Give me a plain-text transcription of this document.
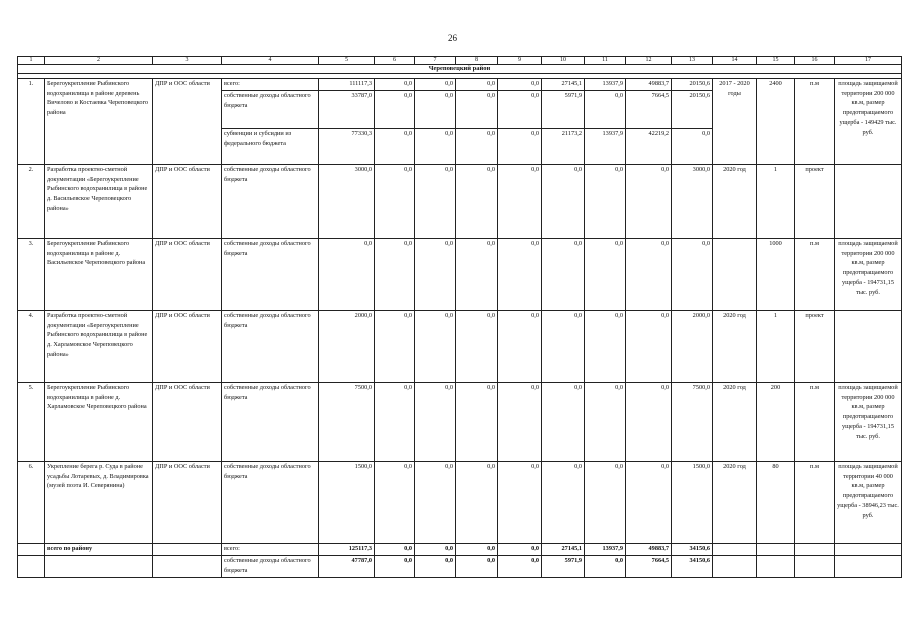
26
1	2	3	4	5	6	7	8	9	10	11	12	13	14	15	16	17
Череповецкий район																

1.	Берегоукрепление Рыбинского водохранилища в районе деревень Вичелово и Костаевка Череповецкого района	ДПР и ООС области	всего:	111117,3	0,0	0,0	0,0	0,0	27145,1	13937,9	49883,7	20150,6	2017 - 2020 годы	2400	п.м	площадь защищаемой территории 200 000 кв.м, размер предотвращаемого ущерба - 149429 тыс. руб.
			собственные доходы областного бюджета	33787,0	0,0	0,0	0,0	0,0	5971,9	0,0	7664,5	20150,6				
			субвенции и субсидии из федерального бюджета	77330,3	0,0	0,0	0,0	0,0	21173,2	13937,9	42219,2	0,0				
2.	Разработка проектно-сметной документации «Берегоукрепление Рыбинского водохранилища в районе д. Васильевское Череповецкого района»	ДПР и ООС области	собственные доходы областного бюджета	3000,0	0,0	0,0	0,0	0,0	0,0	0,0	0,0	3000,0	2020 год	1	проект	
3.	Берегоукрепление Рыбинского водохранилища в районе д. Васильевское Череповецкого района	ДПР и ООС области	собственные доходы областного бюджета	0,0	0,0	0,0	0,0	0,0	0,0	0,0	0,0	0,0		1000	п.м	площадь защищаемой территории 200 000 кв.м, размер предотвращаемого ущерба - 194731,15 тыс. руб.
4.	Разработка проектно-сметной документации «Берегоукрепление Рыбинского водохранилища в районе д. Харламовское Череповецкого района»	ДПР и ООС области	собственные доходы областного бюджета	2000,0	0,0	0,0	0,0	0,0	0,0	0,0	0,0	2000,0	2020 год	1	проект	
5.	Берегоукрепление Рыбинского водохранилища в районе д. Харламовское Череповецкого района	ДПР и ООС области	собственные доходы областного бюджета	7500,0	0,0	0,0	0,0	0,0	0,0	0,0	0,0	7500,0	2020 год	200	п.м	площадь защищаемой территории 200 000 кв.м, размер предотвращаемого ущерба - 194731,15 тыс. руб.
6.	Укрепление берега р. Суда в районе усадьбы Лотаревых, д. Владимировка (музей поэта И. Северянина)	ДПР и ООС области	собственные доходы областного бюджета	1500,0	0,0	0,0	0,0	0,0	0,0	0,0	0,0	1500,0	2020 год	80	п.м	площадь защищаемой территории 40 000 кв.м, размер предотвращаемого ущерба - 38946,23 тыс. руб.
	всего по району		всего:	125117,3	0,0	0,0	0,0	0,0	27145,1	13937,9	49883,7	34150,6				
			собственные доходы областного бюджета	47787,0	0,0	0,0	0,0	0,0	5971,9	0,0	7664,5	34150,6				
